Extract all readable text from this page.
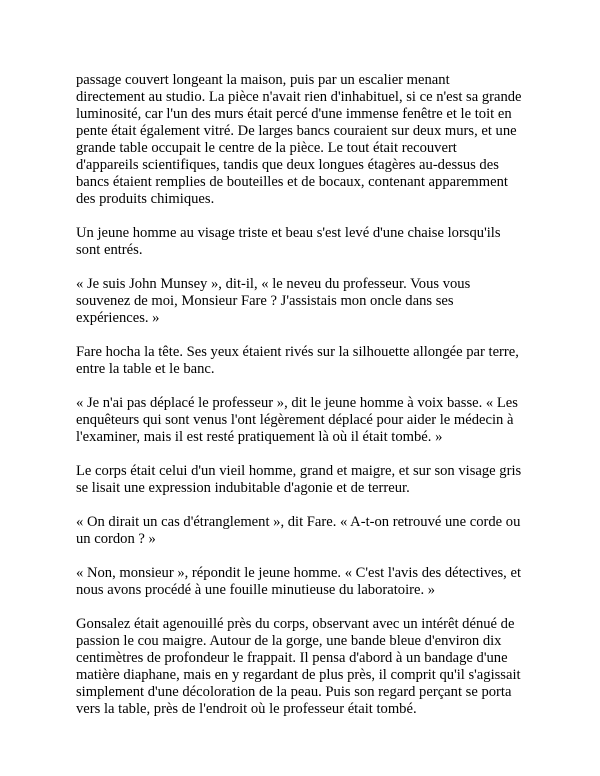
passage couvert longeant la maison, puis par un escalier menant
directement au studio. La pièce n'avait rien d'inhabituel, si ce n'est sa grande
luminosité, car l'un des murs était percé d'une immense fenêtre et le toit en
pente était également vitré. De larges bancs couraient sur deux murs, et une
grande table occupait le centre de la pièce. Le tout était recouvert
d'appareils scientifiques, tandis que deux longues étagères au-dessus des
bancs étaient remplies de bouteilles et de bocaux, contenant apparemment
des produits chimiques.

Un jeune homme au visage triste et beau s'est levé d'une chaise lorsqu'ils
sont entrés.

« Je suis John Munsey », dit-il, « le neveu du professeur. Vous vous
souvenez de moi, Monsieur Fare ? J'assistais mon oncle dans ses
expériences. »

Fare hocha la tête. Ses yeux étaient rivés sur la silhouette allongée par terre,
entre la table et le banc.

« Je n'ai pas déplacé le professeur », dit le jeune homme à voix basse. « Les
enquêteurs qui sont venus l'ont légèrement déplacé pour aider le médecin à
l'examiner, mais il est resté pratiquement là où il était tombé. »

Le corps était celui d'un vieil homme, grand et maigre, et sur son visage gris
se lisait une expression indubitable d'agonie et de terreur.

« On dirait un cas d'étranglement », dit Fare. « A-t-on retrouvé une corde ou
un cordon ? »

« Non, monsieur », répondit le jeune homme. « C'est l'avis des détectives, et
nous avons procédé à une fouille minutieuse du laboratoire. »

Gonsalez était agenouillé près du corps, observant avec un intérêt dénué de
passion le cou maigre. Autour de la gorge, une bande bleue d'environ dix
centimètres de profondeur le frappait. Il pensa d'abord à un bandage d'une
matière diaphane, mais en y regardant de plus près, il comprit qu'il s'agissait
simplement d'une décoloration de la peau. Puis son regard perçant se porta
vers la table, près de l'endroit où le professeur était tombé.
